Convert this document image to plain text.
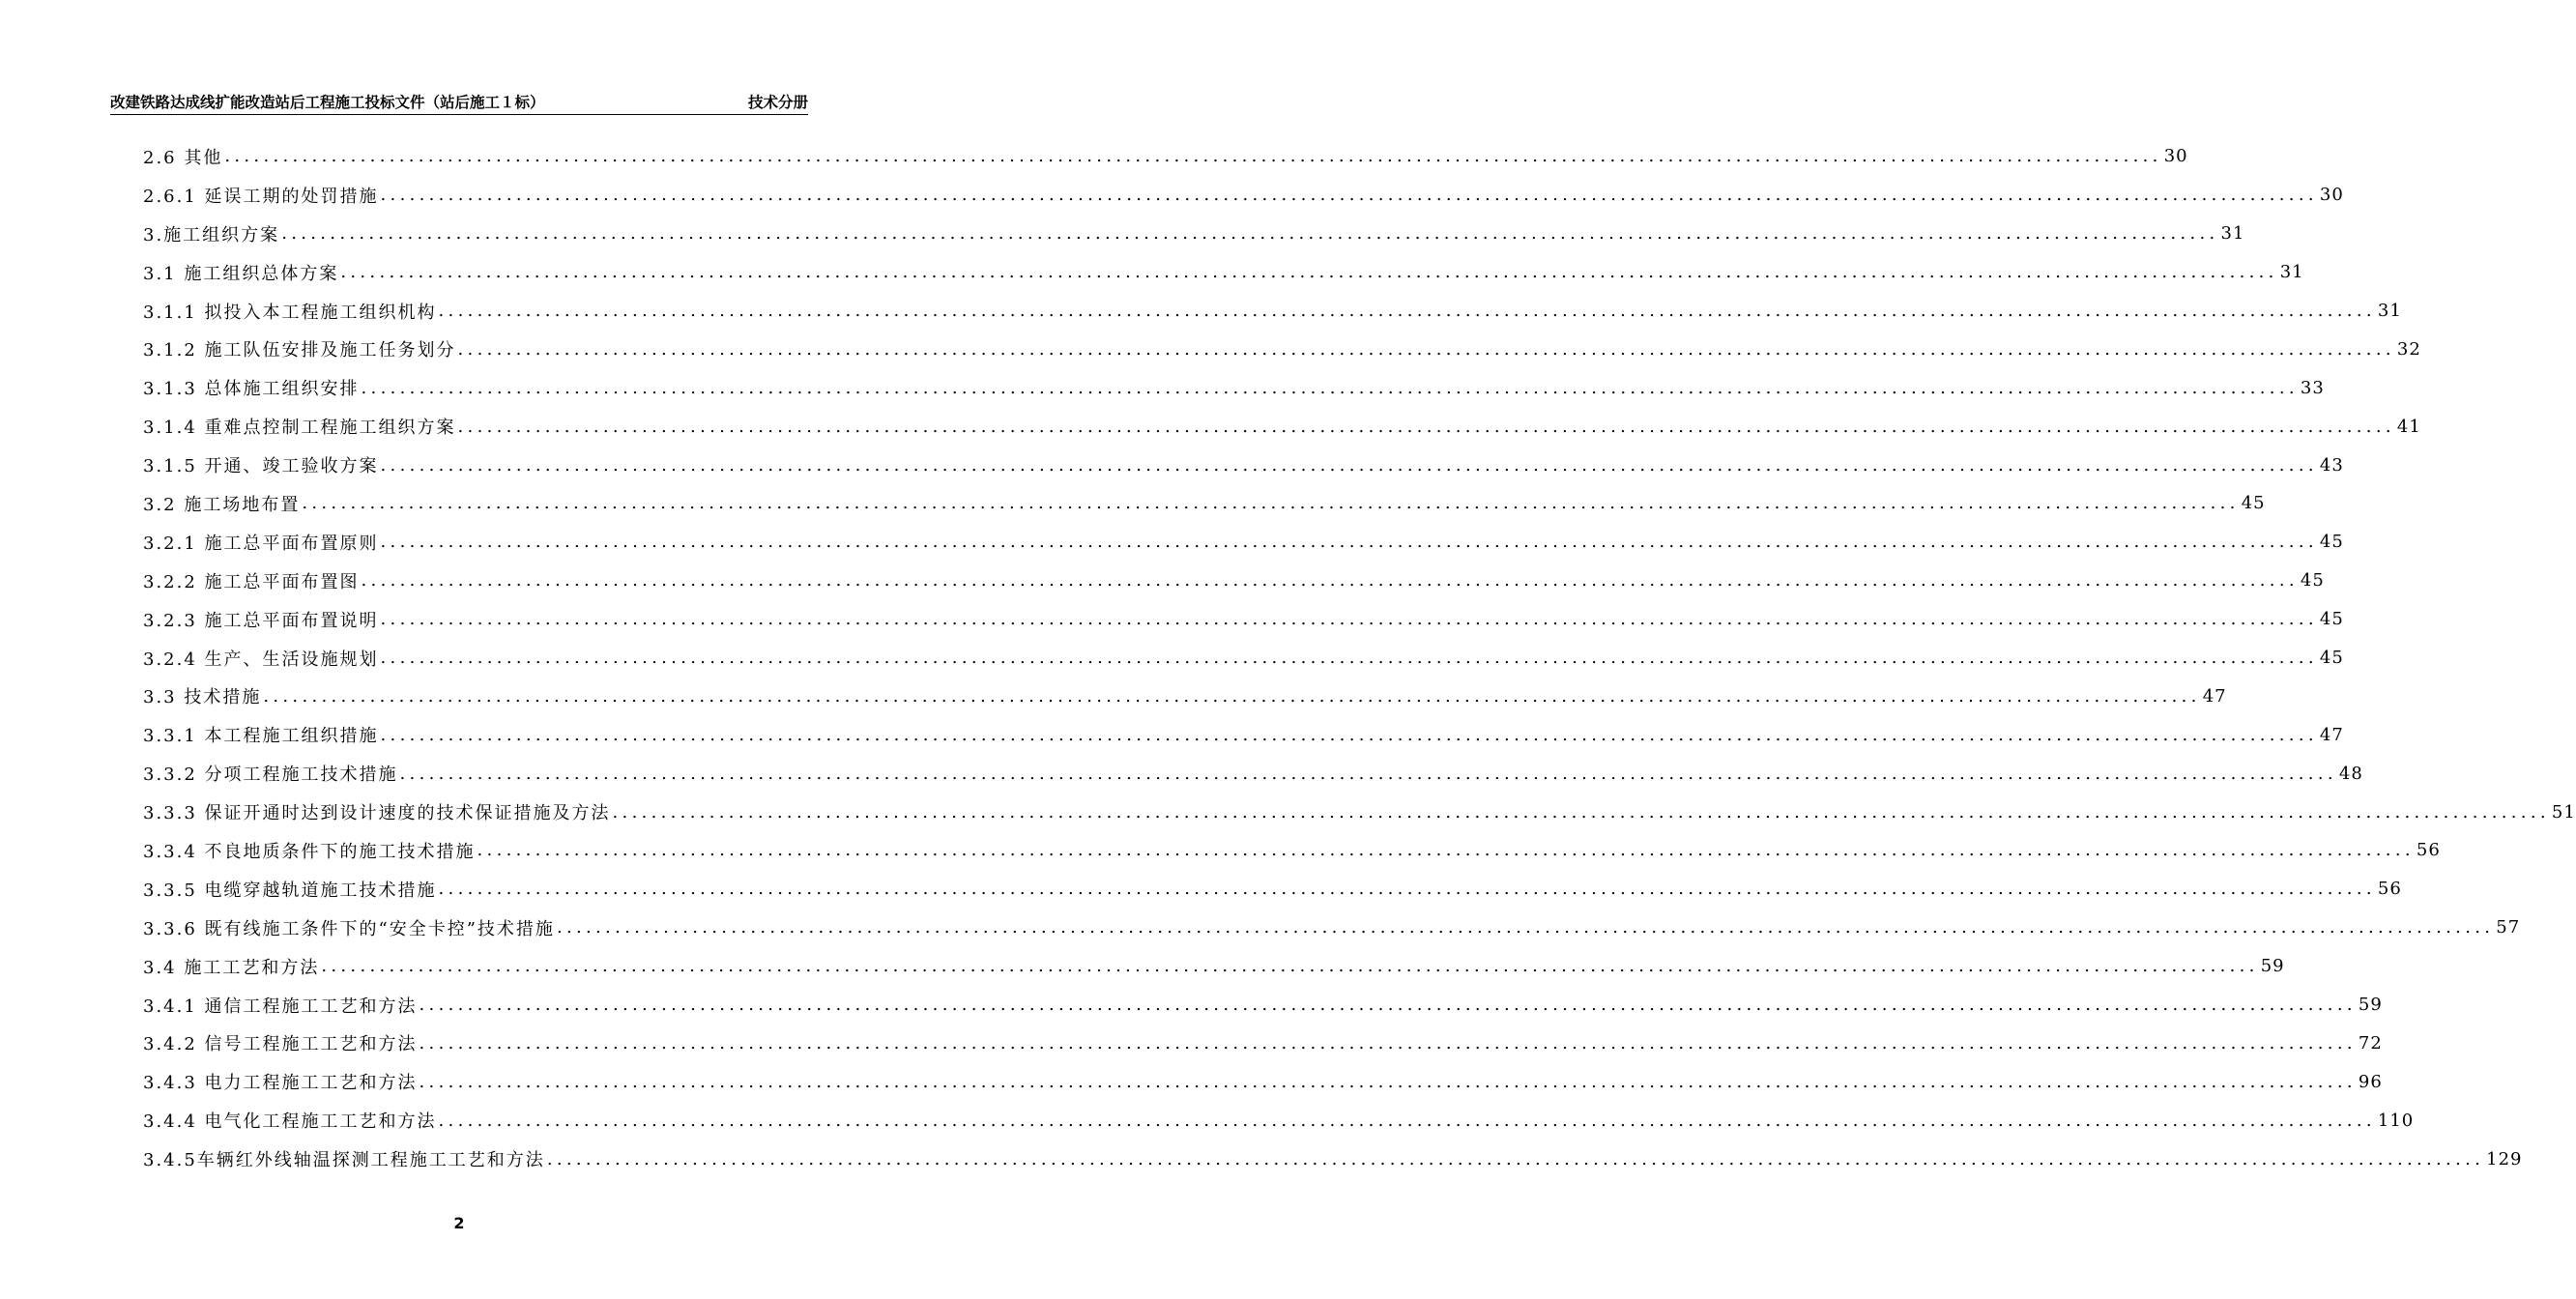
改建铁路达成线扩能改造站后工程施工投标文件（站后施工１标）	技术分册
2.6 其他 ........................................................................................................................................................................................................ 30
2.6.1 延误工期的处罚措施 ........................................................................................................................................................................................................ 30
3.施工组织方案 ........................................................................................................................................................................................................ 31
3.1 施工组织总体方案 ........................................................................................................................................................................................................ 31
3.1.1 拟投入本工程施工组织机构 ........................................................................................................................................................................................................ 31
3.1.2 施工队伍安排及施工任务划分 ........................................................................................................................................................................................................ 32
3.1.3 总体施工组织安排 ........................................................................................................................................................................................................ 33
3.1.4 重难点控制工程施工组织方案 ........................................................................................................................................................................................................ 41
3.1.5 开通、竣工验收方案 ........................................................................................................................................................................................................ 43
3.2 施工场地布置 ........................................................................................................................................................................................................ 45
3.2.1 施工总平面布置原则 ........................................................................................................................................................................................................ 45
3.2.2 施工总平面布置图 ........................................................................................................................................................................................................ 45
3.2.3 施工总平面布置说明 ........................................................................................................................................................................................................ 45
3.2.4 生产、生活设施规划 ........................................................................................................................................................................................................ 45
3.3 技术措施 ........................................................................................................................................................................................................ 47
3.3.1 本工程施工组织措施 ........................................................................................................................................................................................................ 47
3.3.2 分项工程施工技术措施 ........................................................................................................................................................................................................ 48
3.3.3 保证开通时达到设计速度的技术保证措施及方法 ........................................................................................................................................................................................................ 51
3.3.4 不良地质条件下的施工技术措施 ........................................................................................................................................................................................................ 56
3.3.5 电缆穿越轨道施工技术措施 ........................................................................................................................................................................................................ 56
3.3.6 既有线施工条件下的“安全卡控”技术措施 ........................................................................................................................................................................................................ 57
3.4 施工工艺和方法 ........................................................................................................................................................................................................ 59
3.4.1 通信工程施工工艺和方法 ........................................................................................................................................................................................................ 59
3.4.2 信号工程施工工艺和方法 ........................................................................................................................................................................................................ 72
3.4.3 电力工程施工工艺和方法 ........................................................................................................................................................................................................ 96
3.4.4 电气化工程施工工艺和方法 ........................................................................................................................................................................................................ 110
3.4.5车辆红外线轴温探测工程施工工艺和方法 ........................................................................................................................................................................................................ 129
2
